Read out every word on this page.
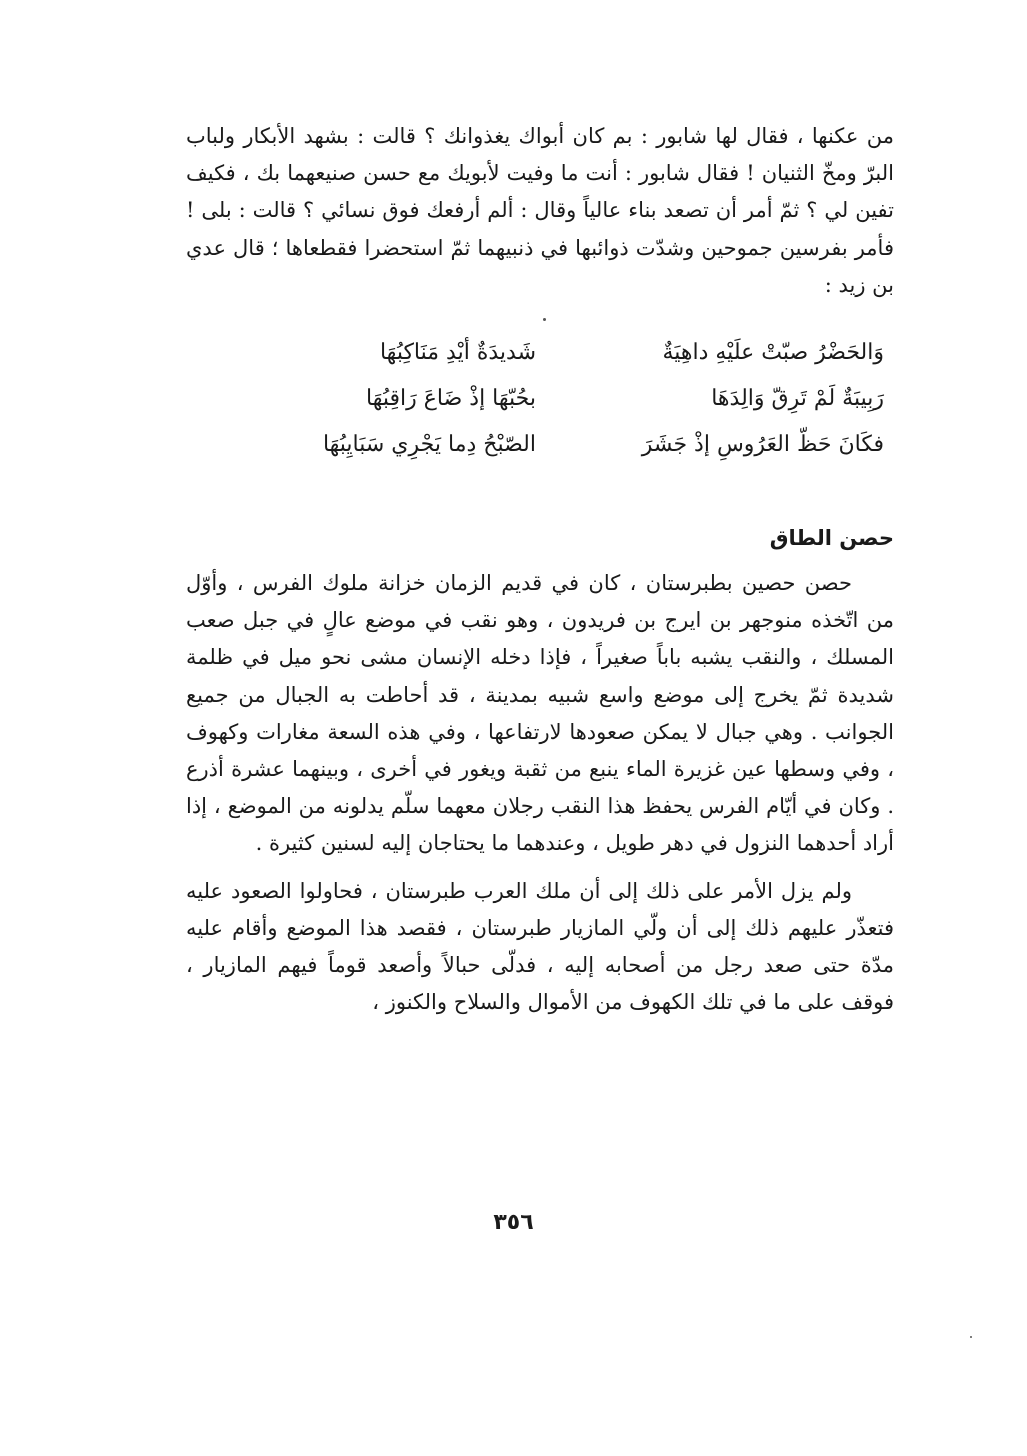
من عكنها ، فقال لها شابور : بم كان أبواك يغذوانك ؟ قالت : بشهد الأبكار ولباب البرّ ومخّ الثنيان ! فقال شابور : أنت ما وفيت لأبويك مع حسن صنيعهما بك ، فكيف تفين لي ؟ ثمّ أمر أن تصعد بناء عالياً وقال : ألم أرفعك فوق نسائي ؟ قالت : بلى ! فأمر بفرسين جموحين وشدّت ذوائبها في ذنبيهما ثمّ استحضرا فقطعاها ؛ قال عدي بن زيد :

وَالحَضْرُ صبّتْ علَيْهِ داهِيَةٌ
شَديدَةٌ أيْدِ مَنَاكِبُهَا
رَبِيبَةٌ لَمْ تَرِقّ وَالِدَهَا
بحُبّهَا إذْ ضَاعَ رَاقِبُهَا
فكَانَ حَظّ العَرُوسِ إذْ جَشَرَ
الصّبْحُ دِما يَجْرِي سَبَايِبُهَا
حصن الطاق

حصن حصين بطبرستان ، كان في قديم الزمان خزانة ملوك الفرس ، وأوّل من اتّخذه منوجهر بن ايرج بن فريدون ، وهو نقب في موضع عالٍ في جبل صعب المسلك ، والنقب يشبه باباً صغيراً ، فإذا دخله الإنسان مشى نحو ميل في ظلمة شديدة ثمّ يخرج إلى موضع واسع شبيه بمدينة ، قد أحاطت به الجبال من جميع الجوانب . وهي جبال لا يمكن صعودها لارتفاعها ، وفي هذه السعة مغارات وكهوف ، وفي وسطها عين غزيرة الماء ينبع من ثقبة ويغور في أخرى ، وبينهما عشرة أذرع . وكان في أيّام الفرس يحفظ هذا النقب رجلان معهما سلّم يدلونه من الموضع ، إذا أراد أحدهما النزول في دهر طويل ، وعندهما ما يحتاجان إليه لسنين كثيرة .

ولم يزل الأمر على ذلك إلى أن ملك العرب طبرستان ، فحاولوا الصعود عليه فتعذّر عليهم ذلك إلى أن ولّي المازيار طبرستان ، فقصد هذا الموضع وأقام عليه مدّة حتى صعد رجل من أصحابه إليه ، فدلّى حبالاً وأصعد قوماً فيهم المازيار ، فوقف على ما في تلك الكهوف من الأموال والسلاح والكنوز ،

٣٥٦
